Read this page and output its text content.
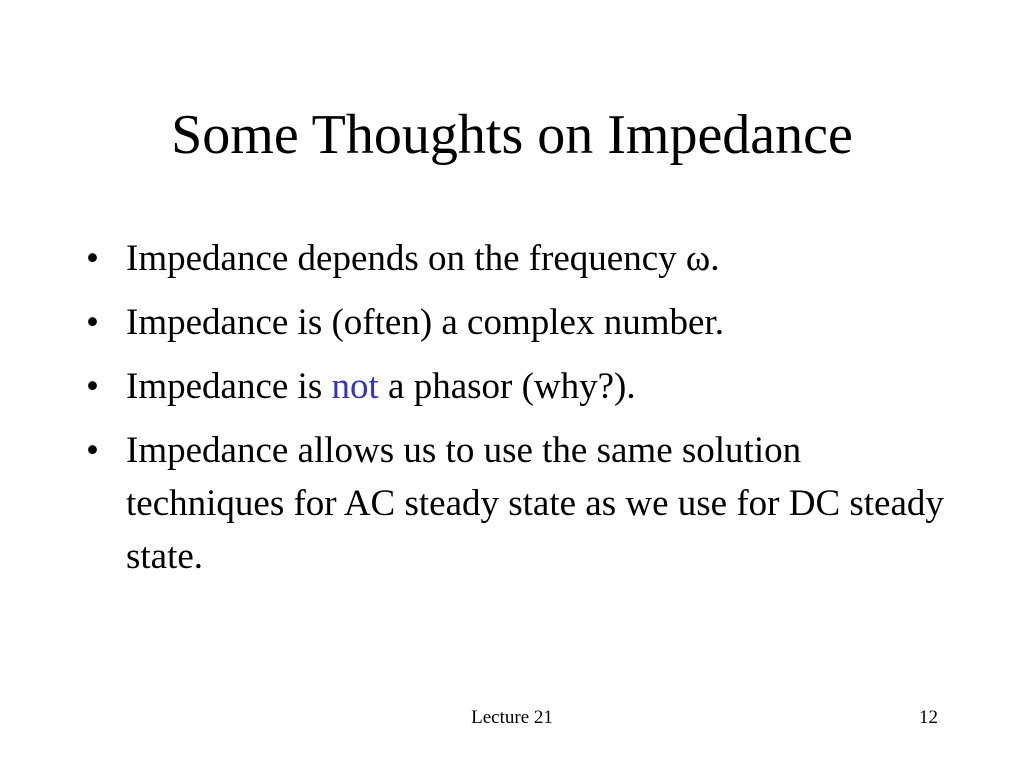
Some Thoughts on Impedance
• Impedance depends on the frequency ω.
• Impedance is (often) a complex number.
• Impedance is not a phasor (why?).
• Impedance allows us to use the same solution techniques for AC steady state as we use for DC steady state.
Lecture 21	12
